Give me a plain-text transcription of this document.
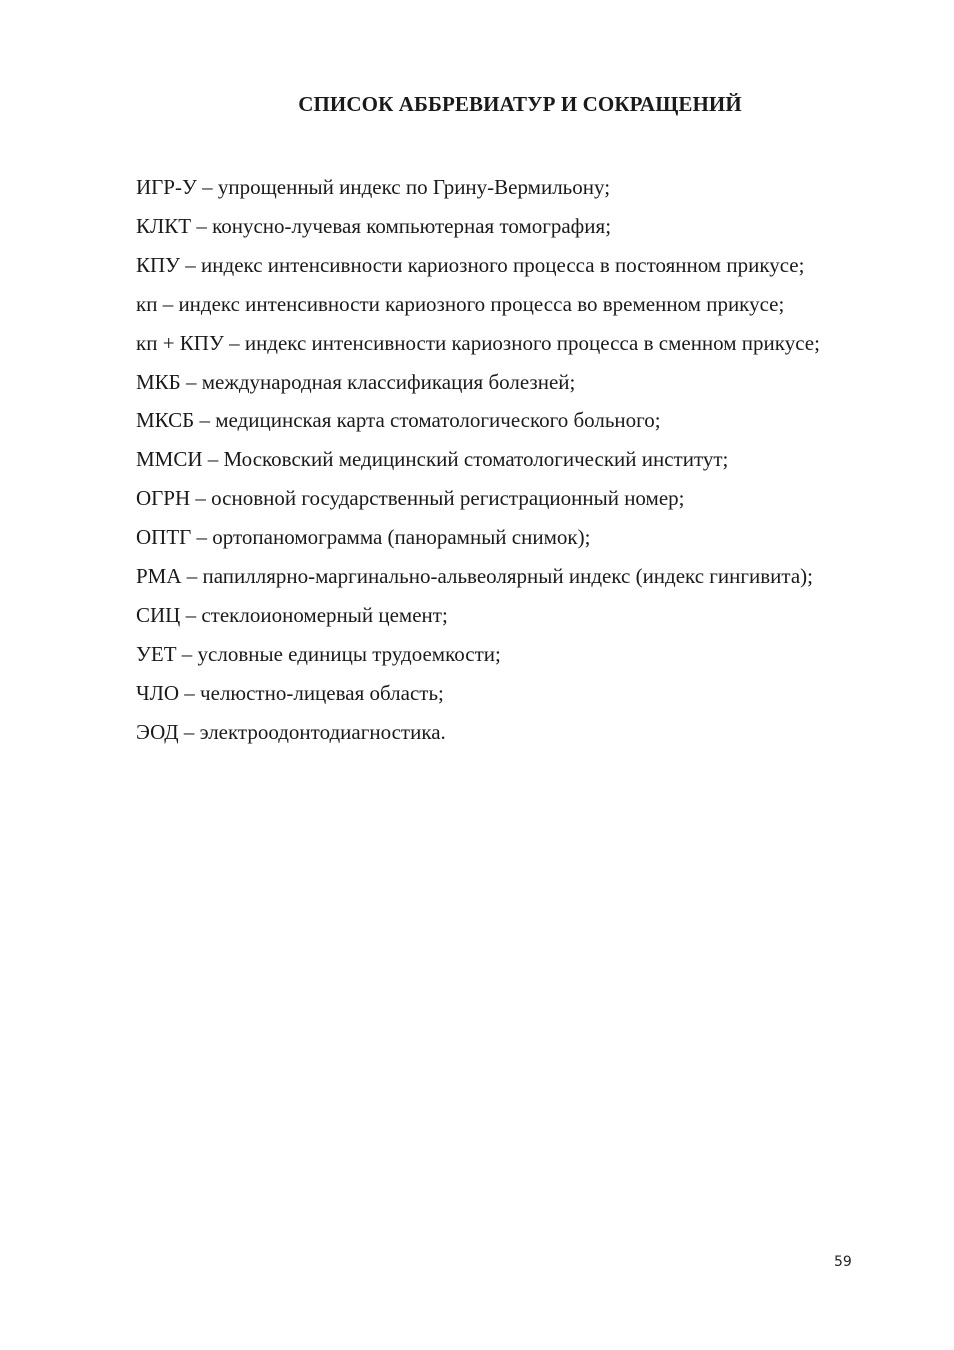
СПИСОК АББРЕВИАТУР И СОКРАЩЕНИЙ
ИГР-У – упрощенный индекс по Грину-Вермильону;
КЛКТ – конусно-лучевая компьютерная томография;
КПУ – индекс интенсивности кариозного процесса в постоянном прикусе;
кп – индекс интенсивности кариозного процесса во временном прикусе;
кп + КПУ – индекс интенсивности кариозного процесса в сменном прикусе;
МКБ – международная классификация болезней;
МКСБ – медицинская карта стоматологического больного;
ММСИ – Московский медицинский стоматологический институт;
ОГРН – основной государственный регистрационный номер;
ОПТГ – ортопаномограмма (панорамный снимок);
РМА – папиллярно-маргинально-альвеолярный индекс (индекс гингивита);
СИЦ – стеклоиономерный цемент;
УЕТ – условные единицы трудоемкости;
ЧЛО – челюстно-лицевая область;
ЭОД – электроодонтодиагностика.
59
